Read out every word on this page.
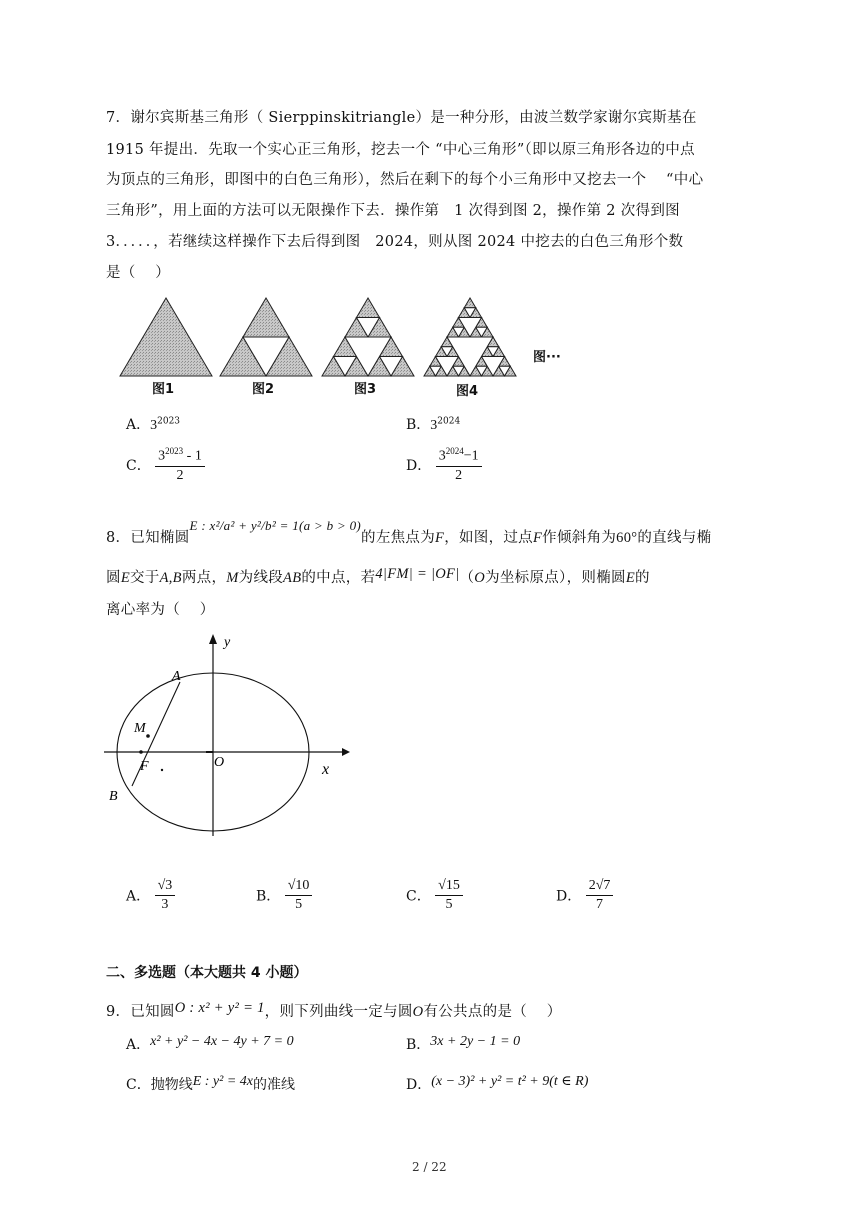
7．谢尔宾斯基三角形（ Sierppinskitriangle）是一种分形，由波兰数学家谢尔宾斯基在
1915 年提出．先取一个实心正三角形，挖去一个 “中心三角形”（即以原三角形各边的中点
为顶点的三角形，即图中的白色三角形），然后在剩下的每个小三角形中又挖去一个　 “中心
三角形”，用上面的方法可以无限操作下去．操作第　1 次得到图 2，操作第 2 次得到图
3．．．．．，若继续这样操作下去后得到图　2024，则从图 2024 中挖去的白色三角形个数
是（　 ）
图1	图2	图3	图4
图···
A．$3^{2023}$	B．$3^{2024}$
C． $\frac{3^{2023} - 1}{2}$	D． $\frac{3^{2024}-1}{2}$
8．已知椭圆E : x²/a² + y²/b² = 1(a > b > 0)的左焦点为F，如图，过点F作倾斜角为60°的直线与椭
圆E交于A,B两点，M为线段AB的中点，若4|FM| = |OF|（O为坐标原点），则椭圆E的
离心率为（　 ）
y
x
O
A
B
M
F
A． $\frac{√3}{3}$	B． $\frac{√10}{5}$	C． $\frac{√15}{5}$	D． $\frac{2√7}{7}$
二、多选题（本大题共 4 小题）
9．已知圆O : x² + y² = 1，则下列曲线一定与圆O有公共点的是（　 ）
A．x² + y² − 4x − 4y + 7 = 0	B．3x + 2y − 1 = 0
C．抛物线E : y² = 4x的准线	D．(x − 3)² + y² = t² + 9(t ∈ R)
2 / 22
